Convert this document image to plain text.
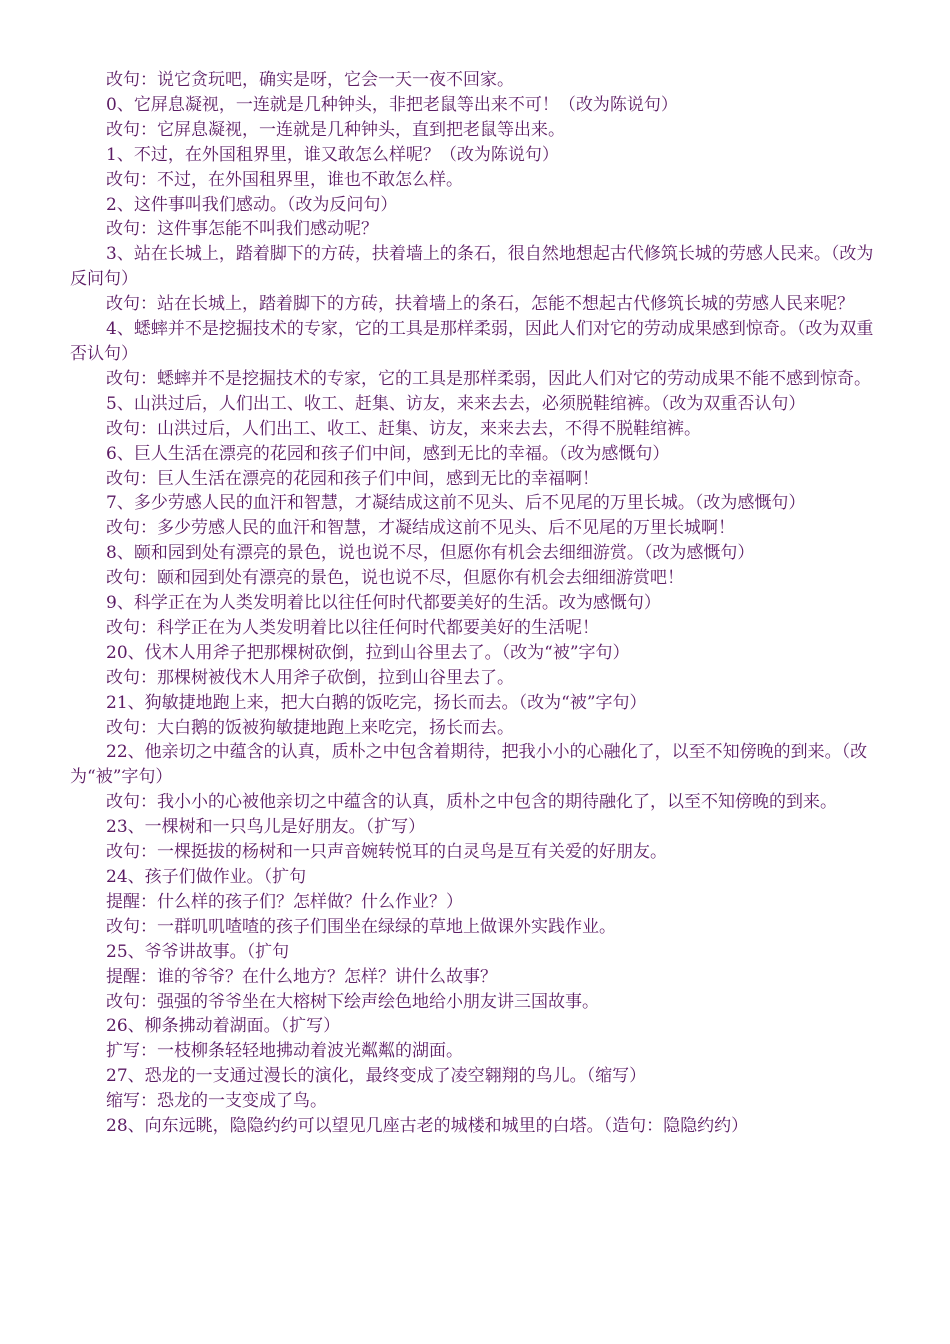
改句：说它贪玩吧，确实是呀，它会一天一夜不回家。

0、它屏息凝视，一连就是几种钟头，非把老鼠等出来不可！（改为陈说句）

改句：它屏息凝视，一连就是几种钟头，直到把老鼠等出来。

1、不过，在外国租界里，谁又敢怎么样呢？（改为陈说句）

改句：不过，在外国租界里，谁也不敢怎么样。

2、这件事叫我们感动。（改为反问句）

改句：这件事怎能不叫我们感动呢？

3、站在长城上，踏着脚下的方砖，扶着墙上的条石，很自然地想起古代修筑长城的劳感人民来。（改为反问句）

改句：站在长城上，踏着脚下的方砖，扶着墙上的条石，怎能不想起古代修筑长城的劳感人民来呢？

4、蟋蟀并不是挖掘技术的专家，它的工具是那样柔弱，因此人们对它的劳动成果感到惊奇。（改为双重否认句）

改句：蟋蟀并不是挖掘技术的专家，它的工具是那样柔弱，因此人们对它的劳动成果不能不感到惊奇。

5、山洪过后，人们出工、收工、赶集、访友，来来去去，必须脱鞋绾裤。（改为双重否认句）

改句：山洪过后，人们出工、收工、赶集、访友，来来去去，不得不脱鞋绾裤。

6、巨人生活在漂亮的花园和孩子们中间，感到无比的幸福。（改为感慨句）

改句：巨人生活在漂亮的花园和孩子们中间，感到无比的幸福啊！

7、多少劳感人民的血汗和智慧，才凝结成这前不见头、后不见尾的万里长城。（改为感慨句）

改句：多少劳感人民的血汗和智慧，才凝结成这前不见头、后不见尾的万里长城啊！

8、颐和园到处有漂亮的景色，说也说不尽，但愿你有机会去细细游赏。（改为感慨句）

改句：颐和园到处有漂亮的景色，说也说不尽，但愿你有机会去细细游赏吧！

9、科学正在为人类发明着比以往任何时代都要美好的生活。改为感慨句）

改句：科学正在为人类发明着比以往任何时代都要美好的生活呢！

20、伐木人用斧子把那棵树砍倒，拉到山谷里去了。（改为“被”字句）

改句：那棵树被伐木人用斧子砍倒，拉到山谷里去了。

21、狗敏捷地跑上来，把大白鹅的饭吃完，扬长而去。（改为“被”字句）

改句：大白鹅的饭被狗敏捷地跑上来吃完，扬长而去。

22、他亲切之中蕴含的认真，质朴之中包含着期待，把我小小的心融化了，以至不知傍晚的到来。（改为“被”字句）

改句：我小小的心被他亲切之中蕴含的认真，质朴之中包含的期待融化了，以至不知傍晚的到来。

23、一棵树和一只鸟儿是好朋友。（扩写）

改句：一棵挺拔的杨树和一只声音婉转悦耳的白灵鸟是互有关爱的好朋友。

24、孩子们做作业。（扩句

提醒：什么样的孩子们？怎样做？什么作业？）

改句：一群叽叽喳喳的孩子们围坐在绿绿的草地上做课外实践作业。

25、爷爷讲故事。（扩句

提醒：谁的爷爷？在什么地方？怎样？讲什么故事？

改句：强强的爷爷坐在大榕树下绘声绘色地给小朋友讲三国故事。

26、柳条拂动着湖面。（扩写）

扩写：一枝柳条轻轻地拂动着波光粼粼的湖面。

27、恐龙的一支通过漫长的演化，最终变成了凌空翱翔的鸟儿。（缩写）

缩写：恐龙的一支变成了鸟。

28、向东远眺，隐隐约约可以望见几座古老的城楼和城里的白塔。（造句：隐隐约约）
